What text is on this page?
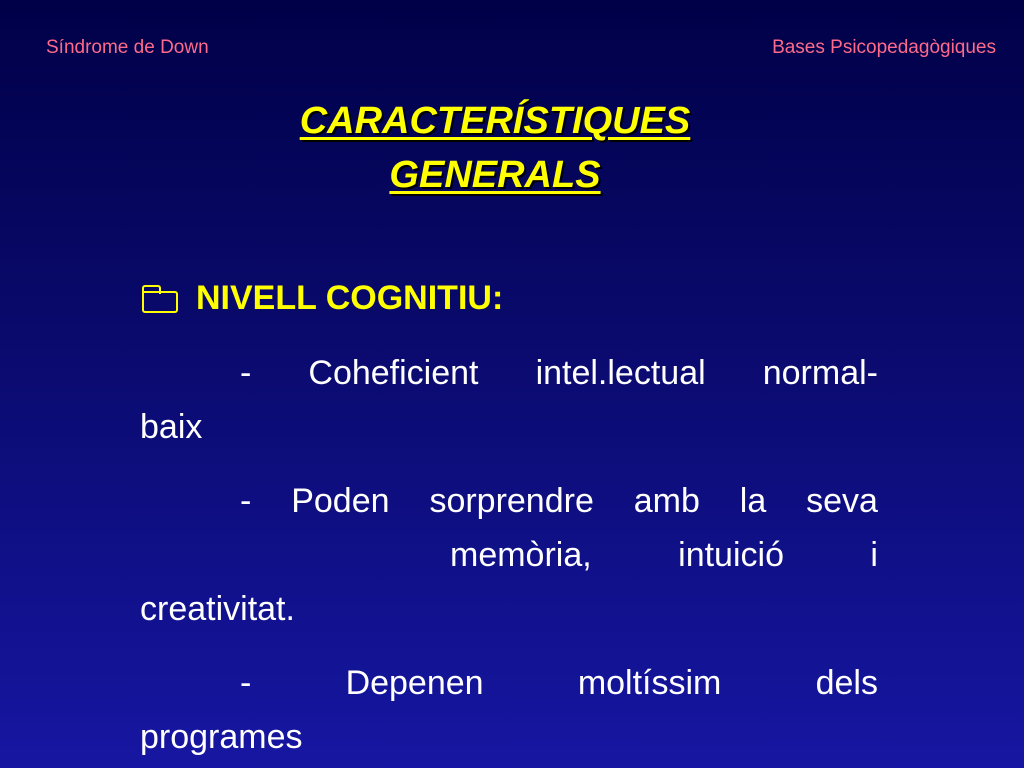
Síndrome de Down	Bases Psicopedagògiques
CARACTERÍSTIQUES
GENERALS
NIVELL COGNITIU:
- Coheficient intel.lectual normal-
baix
- Poden sorprendre amb la seva
memòria,	intuició	i
creativitat.
-	Depenen	moltíssim	dels
programes
